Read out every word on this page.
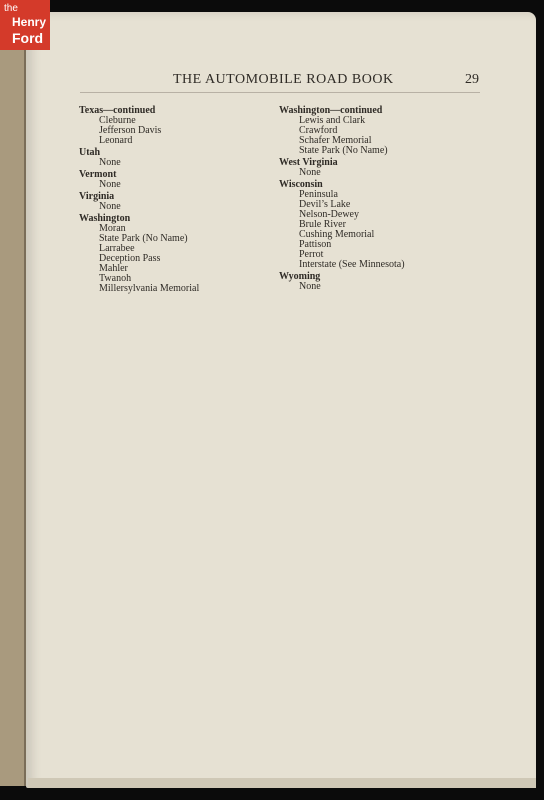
the
Henry
Ford
THE AUTOMOBILE ROAD BOOK	29
Texas—continued
Cleburne
Jefferson Davis
Leonard
Utah
None
Vermont
None
Virginia
None
Washington
Moran
State Park (No Name)
Larrabee
Deception Pass
Mahler
Twanoh
Millersylvania Memorial
Washington—continued
Lewis and Clark
Crawford
Schafer Memorial
State Park (No Name)
West Virginia
None
Wisconsin
Peninsula
Devil’s Lake
Nelson-Dewey
Brule River
Cushing Memorial
Pattison
Perrot
Interstate (See Minnesota)
Wyoming
None
